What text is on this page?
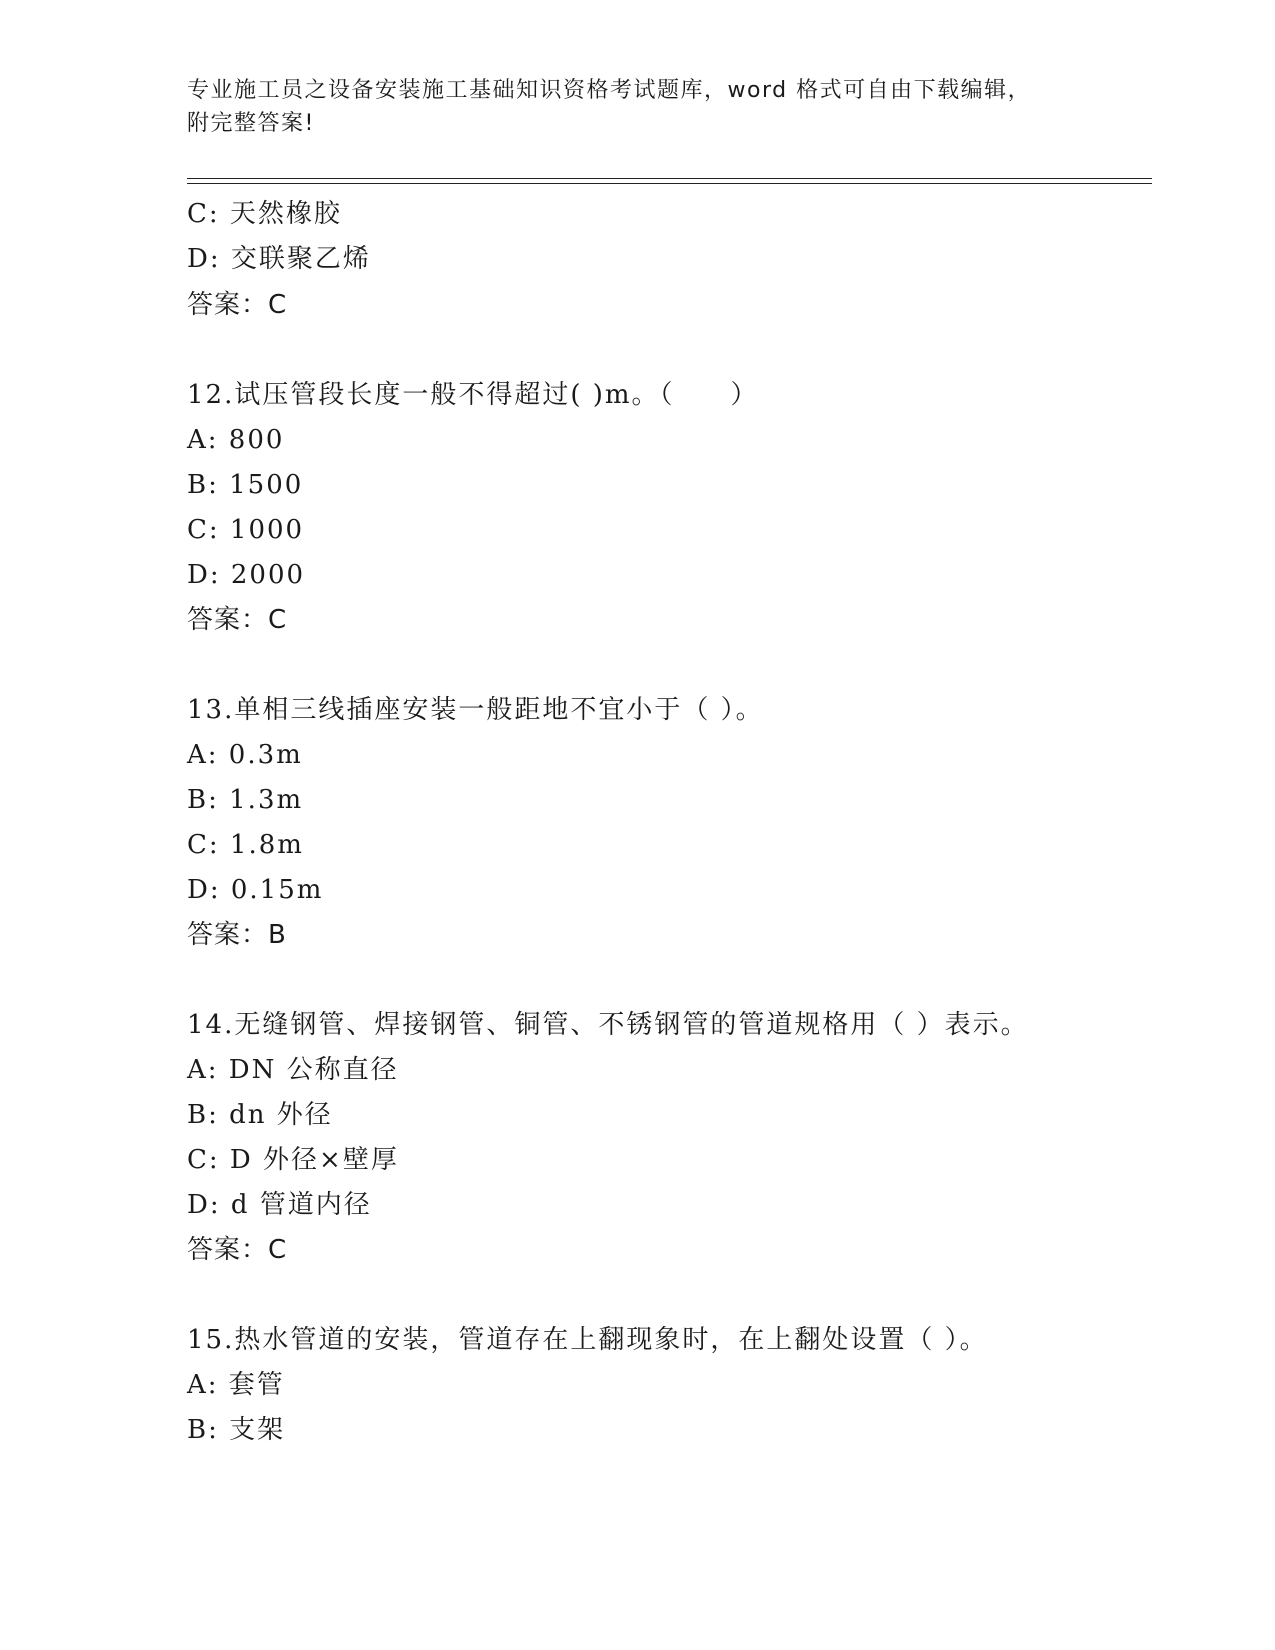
专业施工员之设备安装施工基础知识资格考试题库，word 格式可自由下载编辑，
附完整答案!
C: 天然橡胶
D: 交联聚乙烯
答案：C
12.试压管段长度一般不得超过( )m。（　　）
A: 800
B: 1500
C: 1000
D: 2000
答案：C
13.单相三线插座安装一般距地不宜小于（ ）。
A: 0.3m
B: 1.3m
C: 1.8m
D: 0.15m
答案：B
14.无缝钢管、焊接钢管、铜管、不锈钢管的管道规格用（ ）表示。
A: DN 公称直径
B: dn 外径
C: D 外径×壁厚
D: d 管道内径
答案：C
15.热水管道的安装，管道存在上翻现象时，在上翻处设置（ ）。
A: 套管
B: 支架
